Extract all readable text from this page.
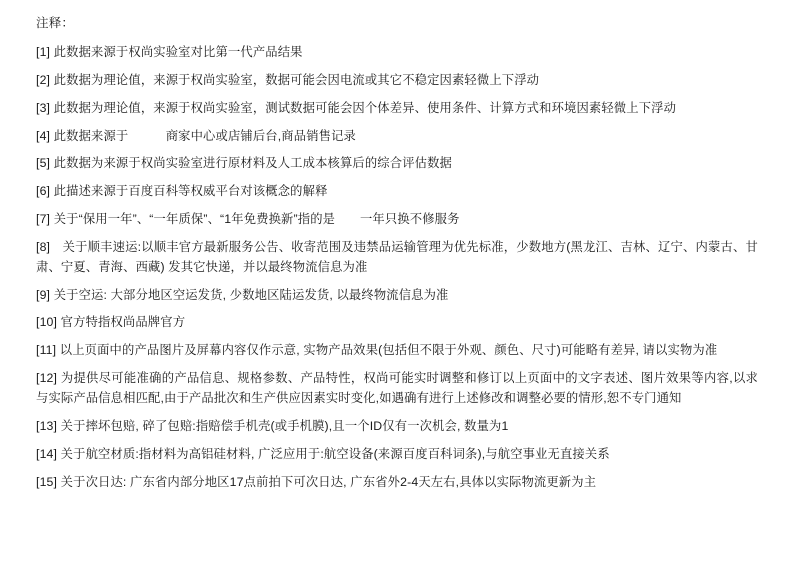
注释：
[1] 此数据来源于权尚实验室对比第一代产品结果
[2] 此数据为理论值，来源于权尚实验室，数据可能会因电流或其它不稳定因素轻微上下浮动
[3] 此数据为理论值，来源于权尚实验室，测试数据可能会因个体差异、使用条件、计算方式和环境因素轻微上下浮动
[4] 此数据来源于　　　商家中心或店铺后台,商品销售记录
[5] 此数据为来源于权尚实验室进行原材料及人工成本核算后的综合评估数据
[6] 此描述来源于百度百科等权威平台对该概念的解释
[7] 关于“保用一年”、“一年质保”、“1年免费换新”指的是　　一年只换不修服务
[8]　关于顺丰速运:以顺丰官方最新服务公告、收寄范围及违禁品运输管理为优先标准，少数地方(黑龙江、吉林、辽宁、内蒙古、甘肃、宁夏、青海、西藏) 发其它快递，并以最终物流信息为准
[9] 关于空运: 大部分地区空运发货, 少数地区陆运发货, 以最终物流信息为准
[10] 官方特指权尚品牌官方
[11] 以上页面中的产品图片及屏幕内容仅作示意, 实物产品效果(包括但不限于外观、颜色、尺寸)可能略有差异, 请以实物为准
[12] 为提供尽可能准确的产品信息、规格参数、产品特性，权尚可能实时调整和修订以上页面中的文字表述、图片效果等内容,以求与实际产品信息相匹配,由于产品批次和生产供应因素实时变化,如遇确有进行上述修改和调整必要的情形,恕不专门通知
[13] 关于摔坏包赔, 碎了包赔:指赔偿手机壳(或手机膜),且一个ID仅有一次机会, 数量为1
[14] 关于航空材质:指材料为高铝硅材料, 广泛应用于:航空设备(来源百度百科词条),与航空事业无直接关系
[15] 关于次日达: 广东省内部分地区17点前拍下可次日达, 广东省外2-4天左右,具体以实际物流更新为主
